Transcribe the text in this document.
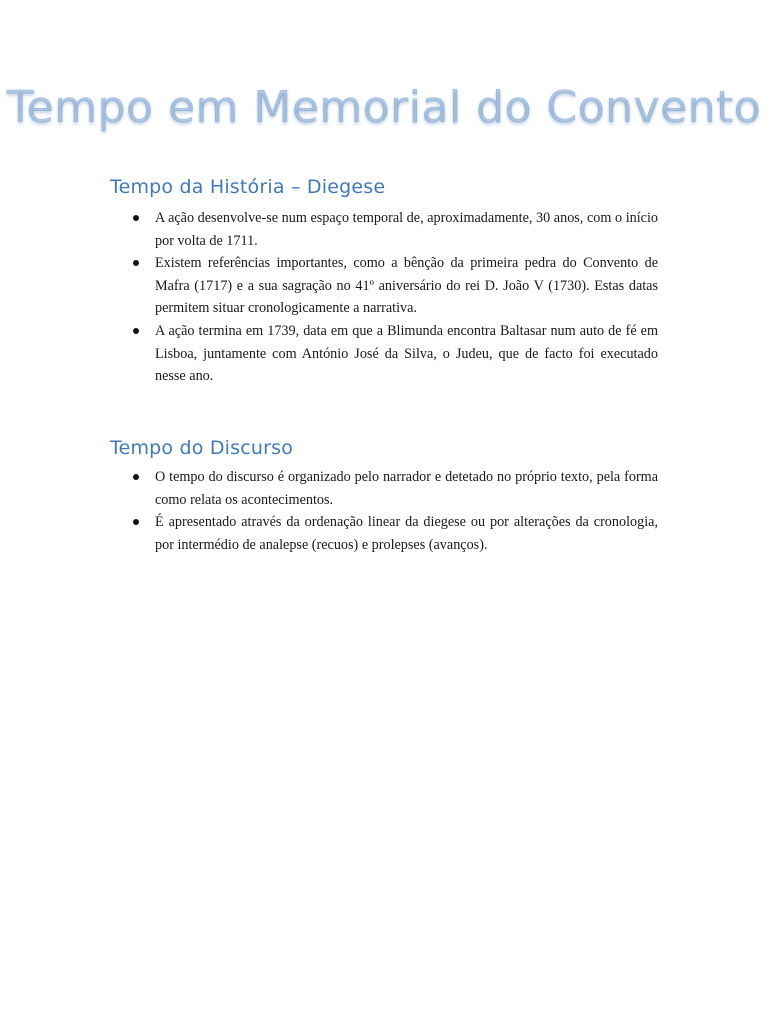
Tempo em Memorial do Convento
Tempo da História – Diegese
A ação desenvolve-se num espaço temporal de, aproximadamente, 30 anos, com o início por volta de 1711.
Existem referências importantes, como a bênção da primeira pedra do Convento de Mafra (1717) e a sua sagração no 41º aniversário do rei D. João V (1730). Estas datas permitem situar cronologicamente a narrativa.
A ação termina em 1739, data em que a Blimunda encontra Baltasar num auto de fé em Lisboa, juntamente com António José da Silva, o Judeu, que de facto foi executado nesse ano.
Tempo do Discurso
O tempo do discurso é organizado pelo narrador e detetado no próprio texto, pela forma como relata os acontecimentos.
É apresentado através da ordenação linear da diegese ou por alterações da cronologia, por intermédio de analepse (recuos) e prolepses (avanços).
